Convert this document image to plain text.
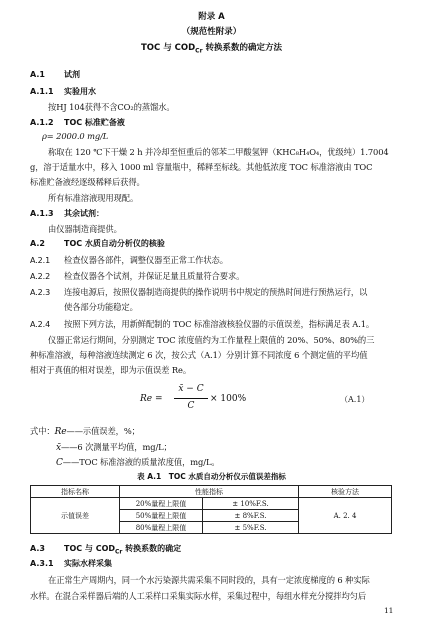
附录 A
（规范性附录）
TOC 与 $COD_{Cr}$ 转换系数的确定方法
A.1 试剂
A.1.1 实验用水
按HJ 104获得不含CO₂的蒸馏水。
A.1.2 TOC 标准贮备液
ρ= 2000.0 mg/L
称取在 120 ℃下干燥 2 h 并冷却至恒重后的邻苯二甲酸氢钾（KHC₈H₄O₄，优级纯）1.7004
g，溶于适量水中，移入 1000 ml 容量瓶中，稀释至标线。其他低浓度 TOC 标准溶液由 TOC
标准贮备液经逐级稀释后获得。
所有标准溶液现用现配。
A.1.3 其余试剂：
由仪器制造商提供。
A.2 TOC 水质自动分析仪的核验
A.2.1 检查仪器各部件，调整仪器至正常工作状态。
A.2.2 检查仪器各个试剂，并保证足量且质量符合要求。
A.2.3 连接电源后，按照仪器制造商提供的操作说明书中规定的预热时间进行预热运行，以
使各部分功能稳定。
A.2.4 按照下列方法，用新鲜配制的 TOC 标准溶液核验仪器的示值误差，指标满足表 A.1。
仪器正常运行期间，分别测定 TOC 浓度值约为工作量程上限值的 20%、50%、80%的三
种标准溶液，每种溶液连续测定 6 次，按公式（A.1）分别计算不同浓度 6 个测定值的平均值
相对于真值的相对误差，即为示值误差 Re。
Re =
x̄ − C
C
× 100%	（A.1）
式中：Re——示值误差，%；
x̄——6 次测量平均值，mg/L；
C——TOC 标准溶液的质量浓度值，mg/L。
表 A.1　TOC 水质自动分析仪示值误差指标
指标名称	性能指标		核验方法
示值误差	20%量程上限值	± 10%F.S.	A. 2. 4
	50%量程上限值	± 8%F.S.	
	80%量程上限值	± 5%F.S.	
A.3 TOC 与 $COD_{Cr}$ 转换系数的确定
A.3.1 实际水样采集
在正常生产周期内，同一个水污染源共需采集不同时段的，具有一定浓度梯度的 6 种实际
水样。在混合采样器后端的人工采样口采集实际水样，采集过程中，每组水样充分搅拌均匀后
11
